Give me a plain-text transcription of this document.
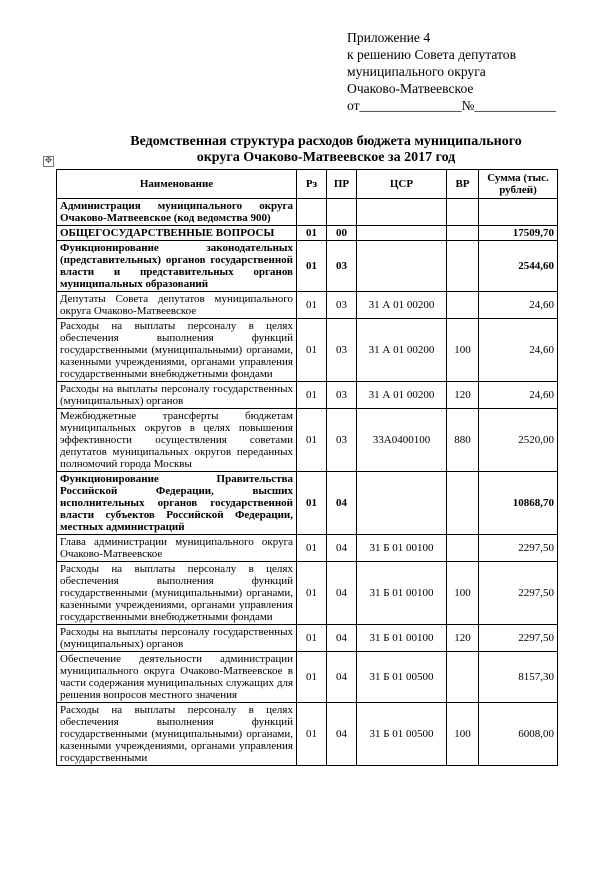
Приложение 4
к решению Совета депутатов
муниципального округа
Очаково-Матвеевское
от_______________№____________
Ведомственная структура расходов бюджета муниципального
округа Очаково-Матвеевское за 2017 год
✥
Наименование	Рз	ПР	ЦСР	ВР	Сумма (тыс. рублей)
Администрация муниципального округа Очаково-Матвеевское (код ведомства 900)					
ОБЩЕГОСУДАРСТВЕННЫЕ ВОПРОСЫ	01	00			17509,70
Функционирование законодательных (представительных) органов государственной власти и представительных органов муниципальных образований	01	03			2544,60
Депутаты Совета депутатов муниципального округа Очаково-Матвеевское	01	03	31 А 01 00200		24,60
Расходы на выплаты персоналу в целях обеспечения выполнения функций государственными (муниципальными) органами, казенными учреждениями, органами управления государственными внебюджетными фондами	01	03	31 А 01 00200	100	24,60
Расходы на выплаты персоналу государственных (муниципальных) органов	01	03	31 А 01 00200	120	24,60
Межбюджетные трансферты бюджетам муниципальных округов в целях повышения эффективности осуществления советами депутатов муниципальных округов переданных полномочий города Москвы	01	03	33А0400100	880	2520,00
Функционирование Правительства Российской Федерации, высших исполнительных органов государственной власти субъектов Российской Федерации, местных администраций	01	04			10868,70
Глава администрации муниципального округа Очаково-Матвеевское	01	04	31 Б 01 00100		2297,50
Расходы на выплаты персоналу в целях обеспечения выполнения функций государственными (муниципальными) органами, казенными учреждениями, органами управления государственными внебюджетными фондами	01	04	31 Б 01 00100	100	2297,50
Расходы на выплаты персоналу государственных (муниципальных) органов	01	04	31 Б 01 00100	120	2297,50
Обеспечение деятельности администрации муниципального округа Очаково-Матвеевское в части содержания муниципальных служащих для решения вопросов местного значения	01	04	31 Б 01 00500		8157,30
Расходы на выплаты персоналу в целях обеспечения выполнения функций государственными (муниципальными) органами, казенными учреждениями, органами управления государственными	01	04	31 Б 01 00500	100	6008,00
